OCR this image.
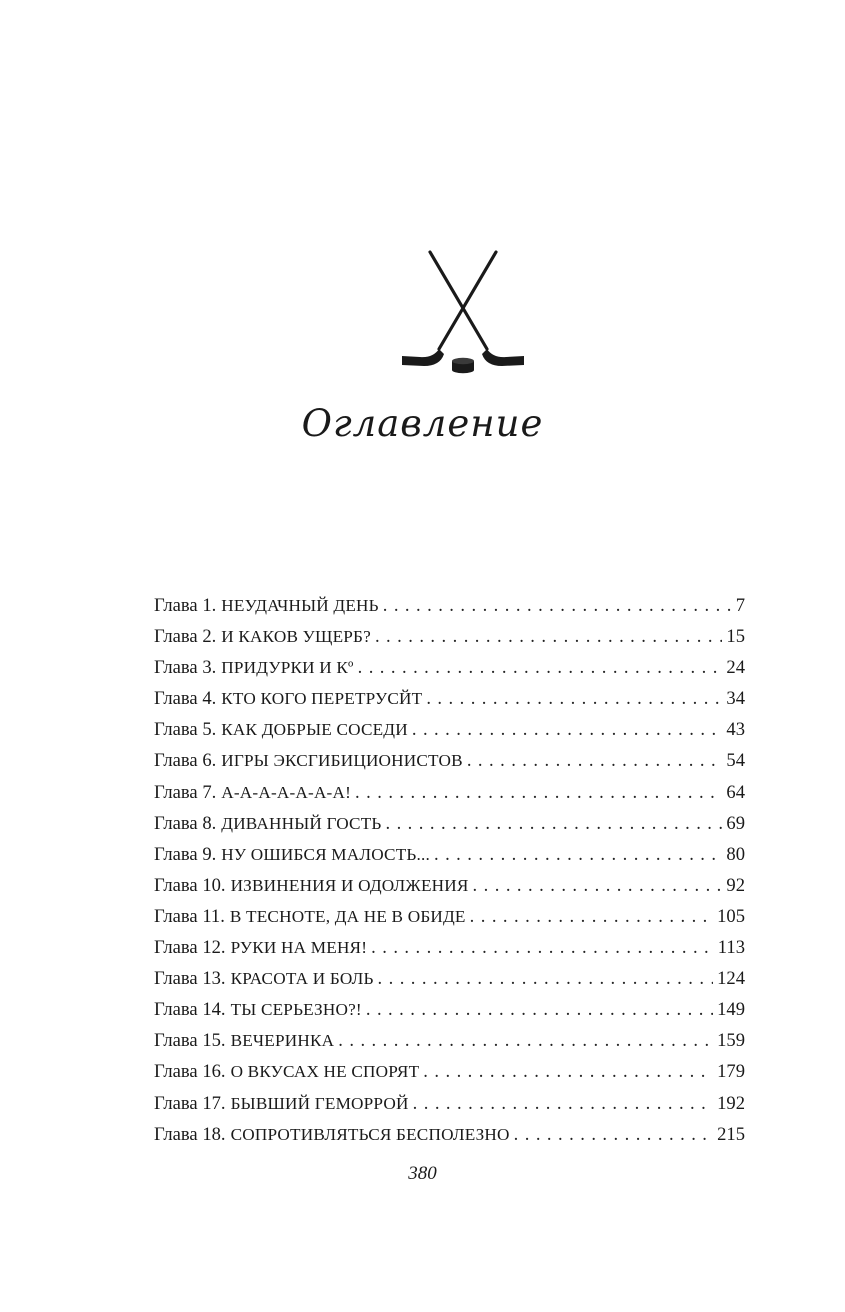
Оглавление
Глава 1. НЕУДАЧНЫЙ ДЕНЬ . . .	7
Глава 2. И КАКОВ УЩЕРБ? . . .	15
Глава 3. ПРИДУРКИ И Кº . . .	24
Глава 4. КТО КОГО ПЕРЕТРУСЙТ . . .	34
Глава 5. КАК ДОБРЫЕ СОСЕДИ . . .	43
Глава 6. ИГРЫ ЭКСГИБИЦИОНИСТОВ . . .	54
Глава 7. А-А-А-А-А-А-А! . . .	64
Глава 8. ДИВАННЫЙ ГОСТЬ . . .	69
Глава 9. НУ ОШИБСЯ МАЛОСТЬ... . . .	80
Глава 10. ИЗВИНЕНИЯ И ОДОЛЖЕНИЯ . . .	92
Глава 11. В ТЕСНОТЕ, ДА НЕ В ОБИДЕ . . .	105
Глава 12. РУКИ НА МЕНЯ! . . .	113
Глава 13. КРАСОТА И БОЛЬ . . .	124
Глава 14. ТЫ СЕРЬЕЗНО?! . . .	149
Глава 15. ВЕЧЕРИНКА . . .	159
Глава 16. О ВКУСАХ НЕ СПОРЯТ . . .	179
Глава 17. БЫВШИЙ ГЕМОРРОЙ . . .	192
Глава 18. СОПРОТИВЛЯТЬСЯ БЕСПОЛЕЗНО . . .	215
380
